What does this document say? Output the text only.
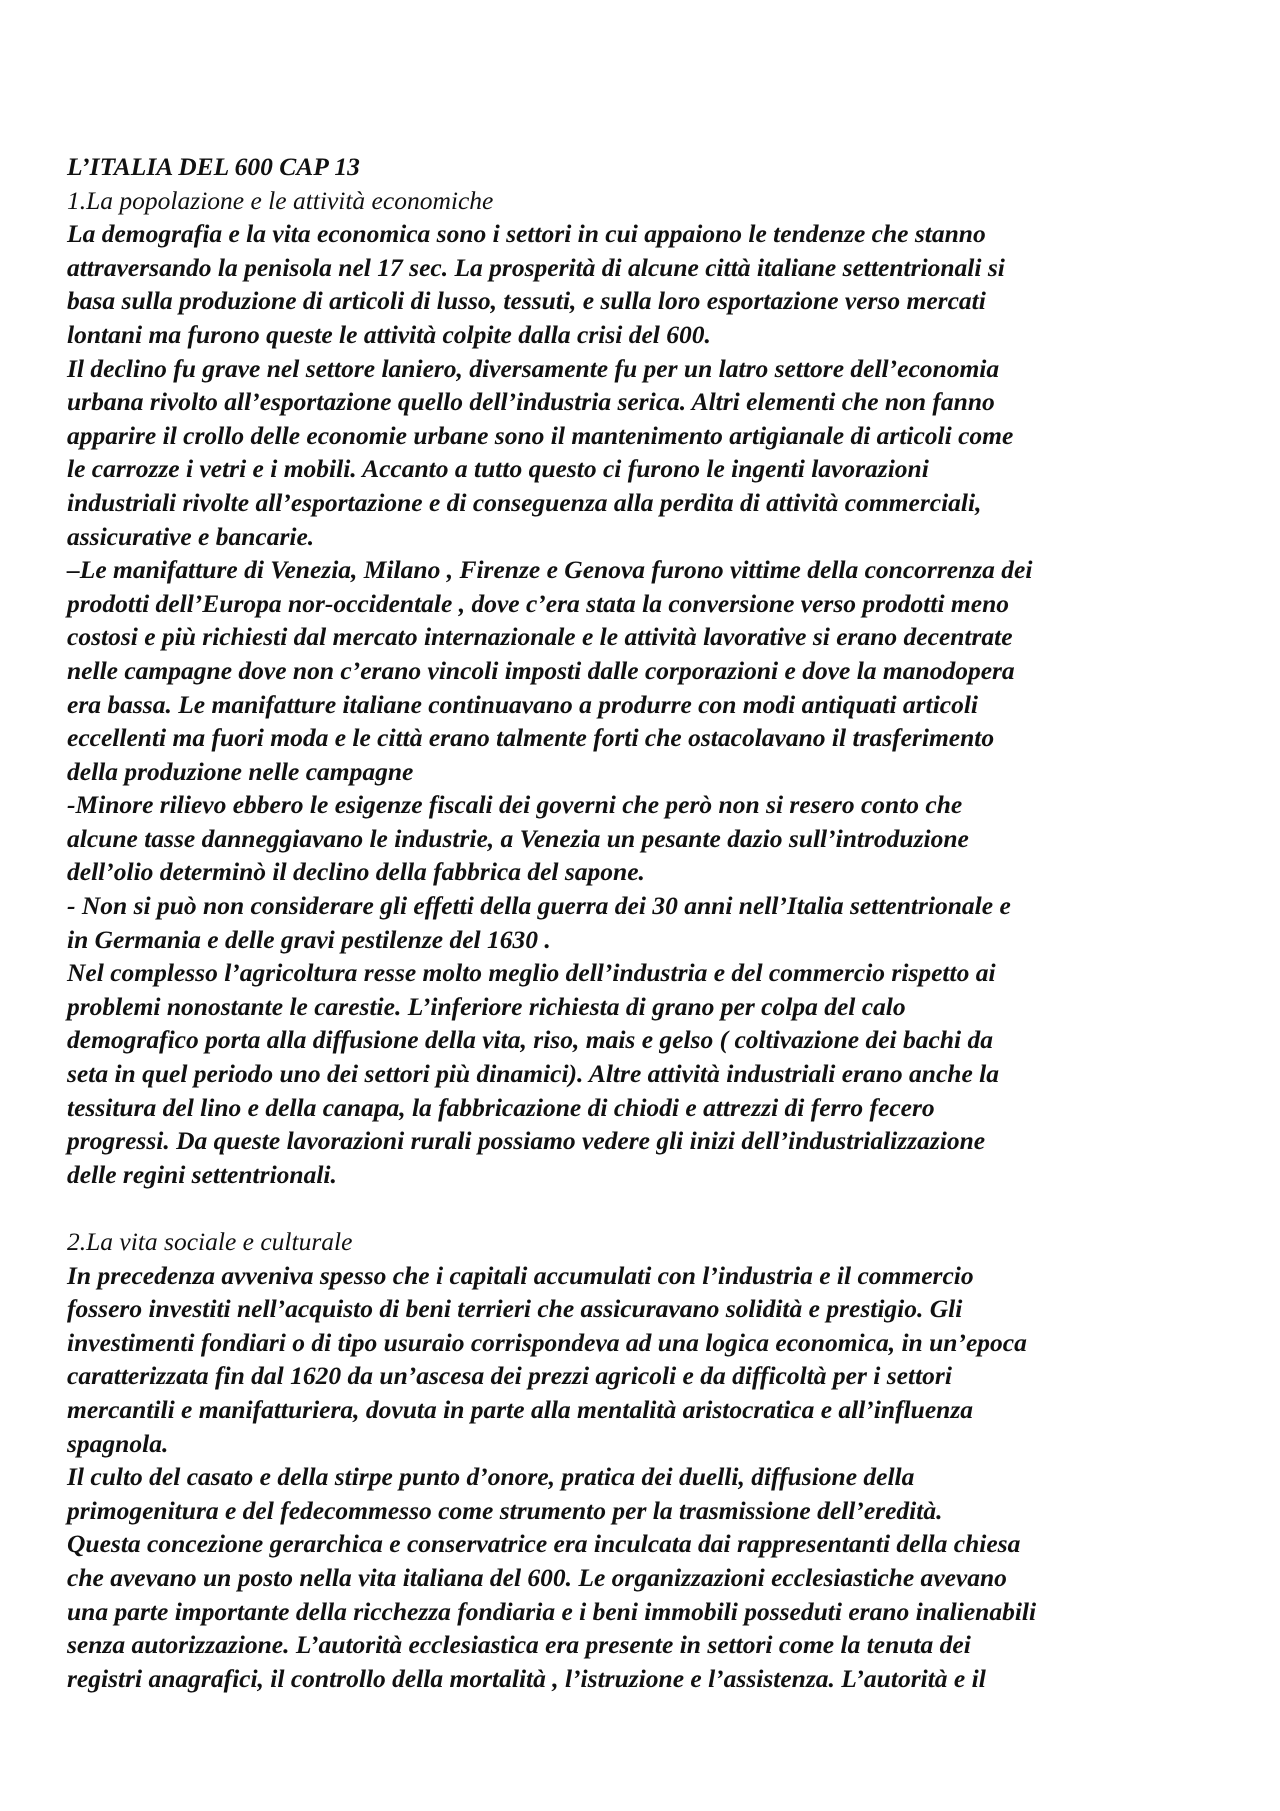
L’ITALIA DEL 600 CAP 13
1.La popolazione e le attività economiche
La demografia e la vita economica sono i settori in cui appaiono le tendenze che stanno
attraversando la penisola nel 17 sec. La prosperità di alcune città italiane settentrionali si
basa sulla produzione di articoli di lusso, tessuti, e sulla loro esportazione verso mercati
lontani ma furono queste le attività colpite dalla crisi del 600.
Il declino fu grave nel settore laniero, diversamente fu per un latro settore dell’economia
urbana rivolto all’esportazione quello dell’industria serica. Altri elementi che non fanno
apparire il crollo delle economie urbane sono il mantenimento artigianale di articoli come
le carrozze i vetri e i mobili. Accanto a tutto questo ci furono le ingenti lavorazioni
industriali rivolte all’esportazione e di conseguenza alla perdita di attività commerciali,
assicurative e bancarie.
–Le manifatture di Venezia, Milano , Firenze e Genova furono vittime della concorrenza dei
prodotti dell’Europa nor-occidentale , dove c’era stata la conversione verso prodotti meno
costosi e più richiesti dal mercato internazionale e le attività lavorative si erano decentrate
nelle campagne dove non c’erano vincoli imposti dalle corporazioni e dove la manodopera
era bassa. Le manifatture italiane continuavano a produrre con modi antiquati articoli
eccellenti ma fuori moda e le città erano talmente forti che ostacolavano il trasferimento
della produzione nelle campagne
-Minore rilievo ebbero le esigenze fiscali dei governi che però non si resero conto che
alcune tasse danneggiavano le industrie, a Venezia un pesante dazio sull’introduzione
dell’olio determinò il declino della fabbrica del sapone.
- Non si può non considerare gli effetti della guerra dei 30 anni nell’Italia settentrionale e
in Germania e delle gravi pestilenze del 1630 .
Nel complesso l’agricoltura resse molto meglio dell’industria e del commercio rispetto ai
problemi nonostante le carestie. L’inferiore richiesta di grano per colpa del calo
demografico porta alla diffusione della vita, riso, mais e gelso ( coltivazione dei bachi da
seta in quel periodo uno dei settori più dinamici). Altre attività industriali erano anche la
tessitura del lino e della canapa, la fabbricazione di chiodi e attrezzi di ferro fecero
progressi. Da queste lavorazioni rurali possiamo vedere gli inizi dell’industrializzazione
delle regini settentrionali.
2.La vita sociale e culturale
In precedenza avveniva spesso che i capitali accumulati con l’industria e il commercio
fossero investiti nell’acquisto di beni terrieri che assicuravano solidità e prestigio. Gli
investimenti fondiari o di tipo usuraio corrispondeva ad una logica economica, in un’epoca
caratterizzata fin dal 1620 da un’ascesa dei prezzi agricoli e da difficoltà per i settori
mercantili e manifatturiera, dovuta in parte alla mentalità aristocratica e all’influenza
spagnola.
Il culto del casato e della stirpe punto d’onore, pratica dei duelli, diffusione della
primogenitura e del fedecommesso come strumento per la trasmissione dell’eredità.
Questa concezione gerarchica e conservatrice era inculcata dai rappresentanti della chiesa
che avevano un posto nella vita italiana del 600. Le organizzazioni ecclesiastiche avevano
una parte importante della ricchezza fondiaria e i beni immobili posseduti erano inalienabili
senza autorizzazione. L’autorità ecclesiastica era presente in settori come la tenuta dei
registri anagrafici, il controllo della mortalità , l’istruzione e l’assistenza. L’autorità e il
